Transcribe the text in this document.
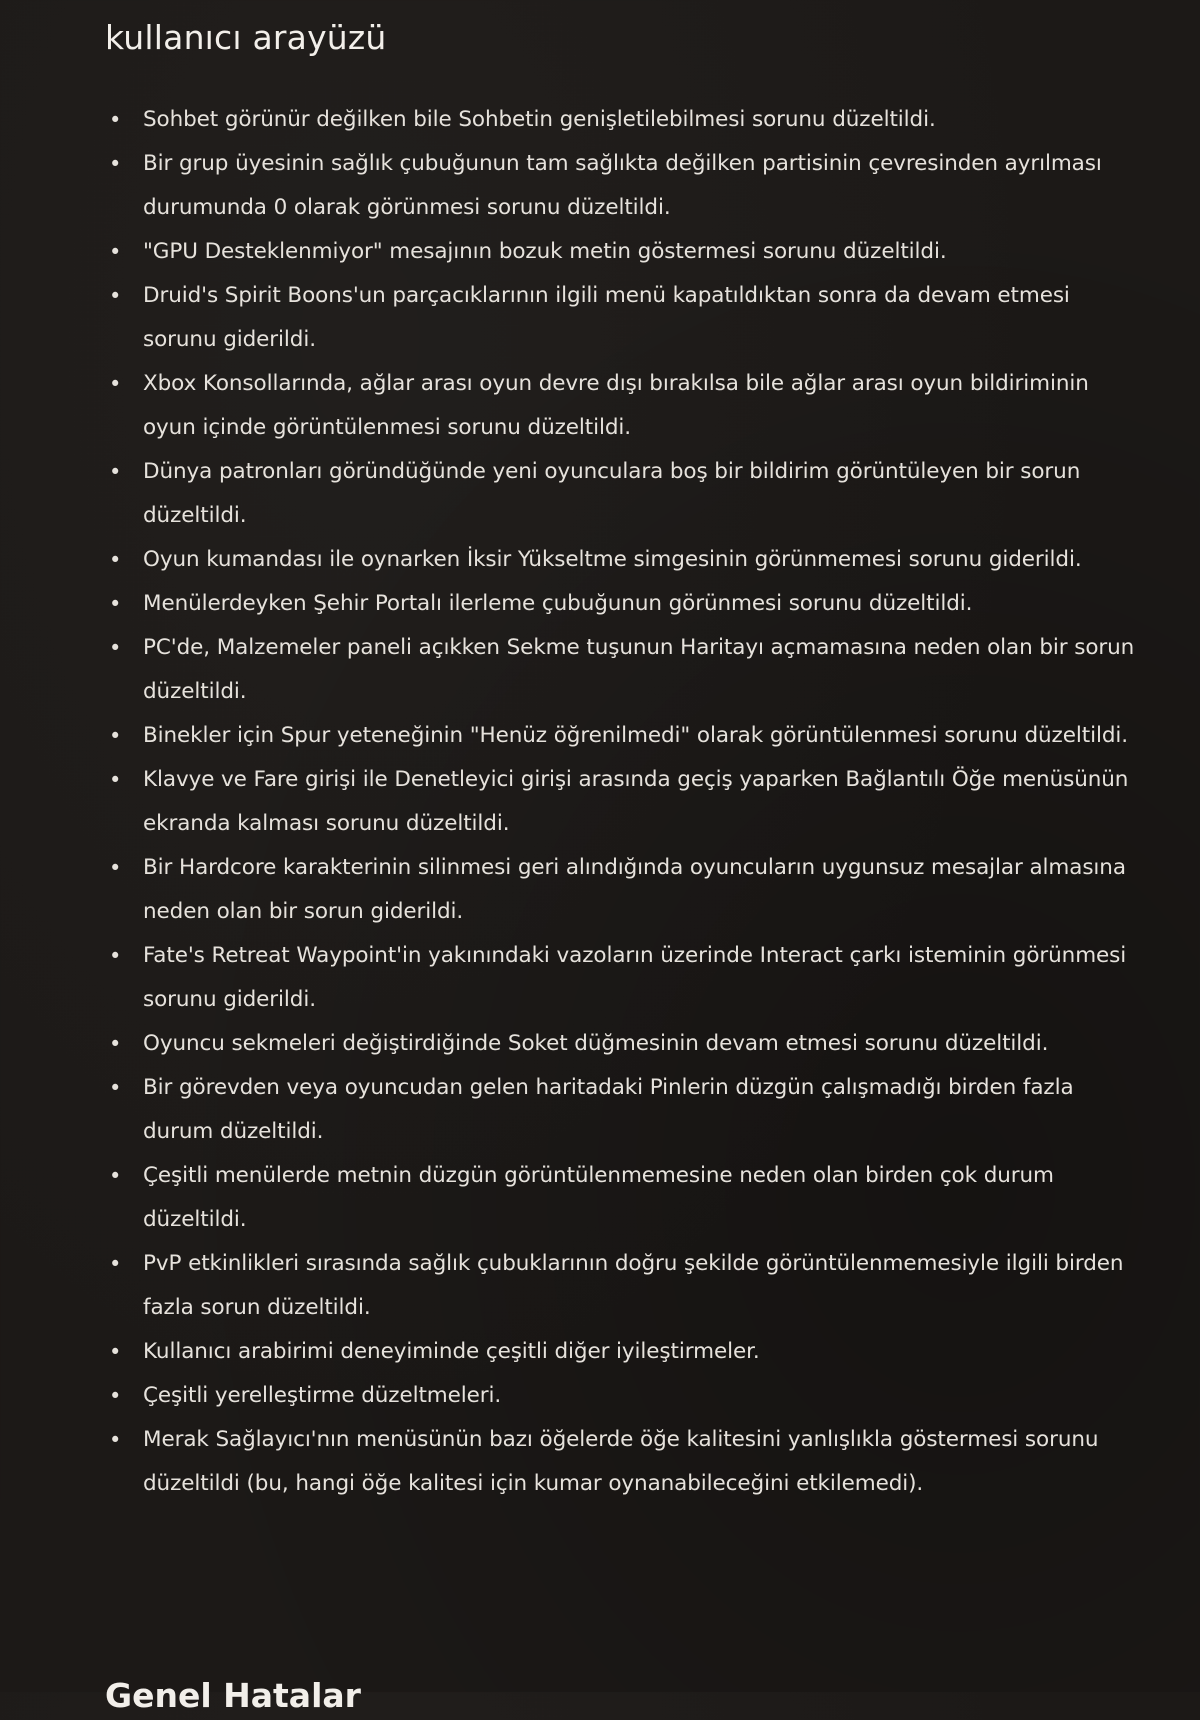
kullanıcı arayüzü
• Sohbet görünür değilken bile Sohbetin genişletilebilmesi sorunu düzeltildi.
• Bir grup üyesinin sağlık çubuğunun tam sağlıkta değilken partisinin çevresinden ayrılması durumunda 0 olarak görünmesi sorunu düzeltildi.
• "GPU Desteklenmiyor" mesajının bozuk metin göstermesi sorunu düzeltildi.
• Druid's Spirit Boons'un parçacıklarının ilgili menü kapatıldıktan sonra da devam etmesi sorunu giderildi.
• Xbox Konsollarında, ağlar arası oyun devre dışı bırakılsa bile ağlar arası oyun bildiriminin oyun içinde görüntülenmesi sorunu düzeltildi.
• Dünya patronları göründüğünde yeni oyunculara boş bir bildirim görüntüleyen bir sorun düzeltildi.
• Oyun kumandası ile oynarken İksir Yükseltme simgesinin görünmemesi sorunu giderildi.
• Menülerdeyken Şehir Portalı ilerleme çubuğunun görünmesi sorunu düzeltildi.
• PC'de, Malzemeler paneli açıkken Sekme tuşunun Haritayı açmamasına neden olan bir sorun düzeltildi.
• Binekler için Spur yeteneğinin "Henüz öğrenilmedi" olarak görüntülenmesi sorunu düzeltildi.
• Klavye ve Fare girişi ile Denetleyici girişi arasında geçiş yaparken Bağlantılı Öğe menüsünün ekranda kalması sorunu düzeltildi.
• Bir Hardcore karakterinin silinmesi geri alındığında oyuncuların uygunsuz mesajlar almasına neden olan bir sorun giderildi.
• Fate's Retreat Waypoint'in yakınındaki vazoların üzerinde Interact çarkı isteminin görünmesi sorunu giderildi.
• Oyuncu sekmeleri değiştirdiğinde Soket düğmesinin devam etmesi sorunu düzeltildi.
• Bir görevden veya oyuncudan gelen haritadaki Pinlerin düzgün çalışmadığı birden fazla durum düzeltildi.
• Çeşitli menülerde metnin düzgün görüntülenmemesine neden olan birden çok durum düzeltildi.
• PvP etkinlikleri sırasında sağlık çubuklarının doğru şekilde görüntülenmemesiyle ilgili birden fazla sorun düzeltildi.
• Kullanıcı arabirimi deneyiminde çeşitli diğer iyileştirmeler.
• Çeşitli yerelleştirme düzeltmeleri.
• Merak Sağlayıcı'nın menüsünün bazı öğelerde öğe kalitesini yanlışlıkla göstermesi sorunu düzeltildi (bu, hangi öğe kalitesi için kumar oynanabileceğini etkilemedi).
Genel Hatalar
